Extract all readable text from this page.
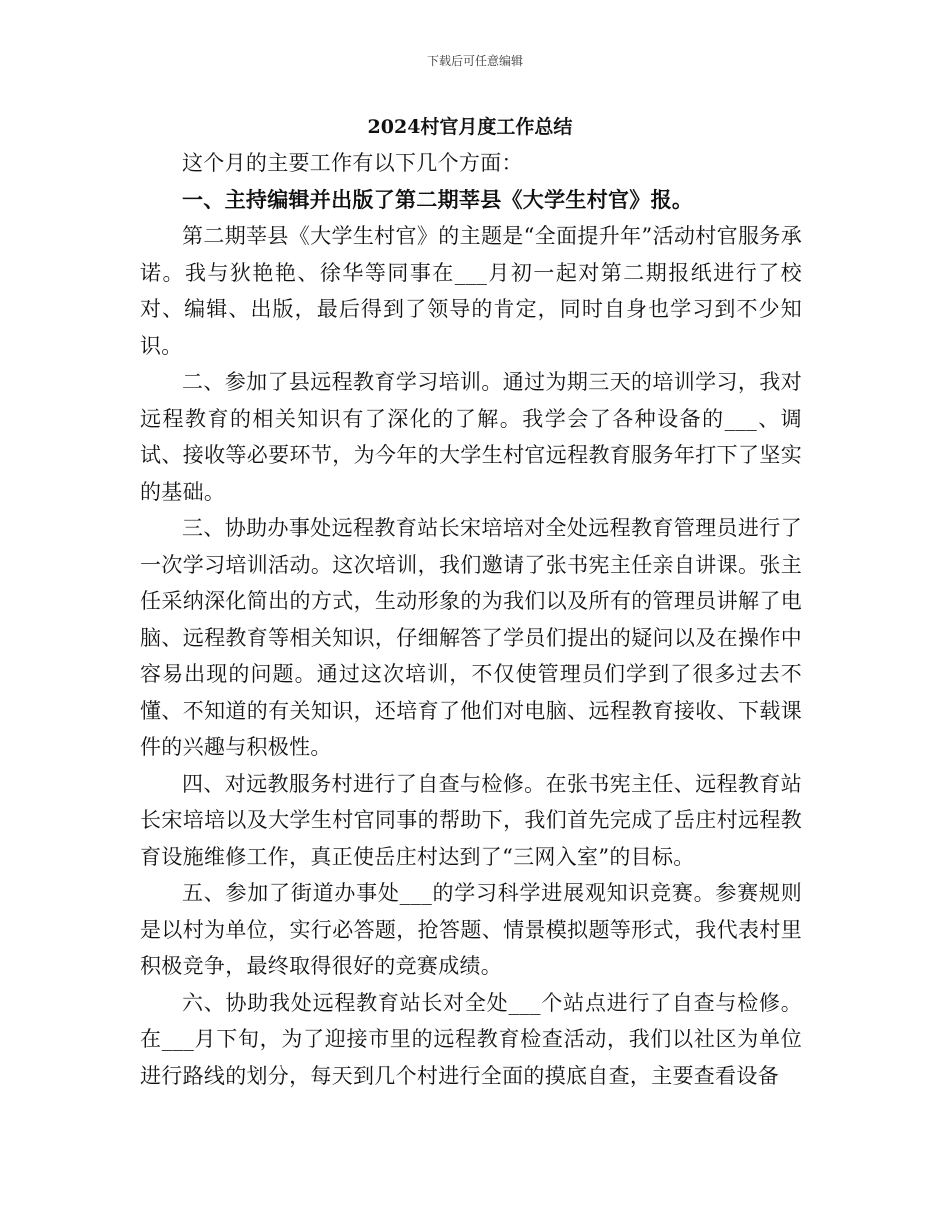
下载后可任意编辑
2024村官月度工作总结

这个月的主要工作有以下几个方面：

一、主持编辑并出版了第二期莘县《大学生村官》报。

第二期莘县《大学生村官》的主题是“全面提升年”活动村官服务承诺。我与狄艳艳、徐华等同事在___月初一起对第二期报纸进行了校对、编辑、出版，最后得到了领导的肯定，同时自身也学习到不少知识。

二、参加了县远程教育学习培训。通过为期三天的培训学习，我对远程教育的相关知识有了深化的了解。我学会了各种设备的___、调试、接收等必要环节，为今年的大学生村官远程教育服务年打下了坚实的基础。

三、协助办事处远程教育站长宋培培对全处远程教育管理员进行了一次学习培训活动。这次培训，我们邀请了张书宪主任亲自讲课。张主任采纳深化简出的方式，生动形象的为我们以及所有的管理员讲解了电脑、远程教育等相关知识，仔细解答了学员们提出的疑问以及在操作中容易出现的问题。通过这次培训，不仅使管理员们学到了很多过去不懂、不知道的有关知识，还培育了他们对电脑、远程教育接收、下载课件的兴趣与积极性。

四、对远教服务村进行了自查与检修。在张书宪主任、远程教育站长宋培培以及大学生村官同事的帮助下，我们首先完成了岳庄村远程教育设施维修工作，真正使岳庄村达到了“三网入室”的目标。

五、参加了街道办事处___的学习科学进展观知识竞赛。参赛规则是以村为单位，实行必答题，抢答题、情景模拟题等形式，我代表村里积极竞争，最终取得很好的竞赛成绩。

六、协助我处远程教育站长对全处___个站点进行了自查与检修。在___月下旬，为了迎接市里的远程教育检查活动，我们以社区为单位进行路线的划分，每天到几个村进行全面的摸底自查，主要查看设备
